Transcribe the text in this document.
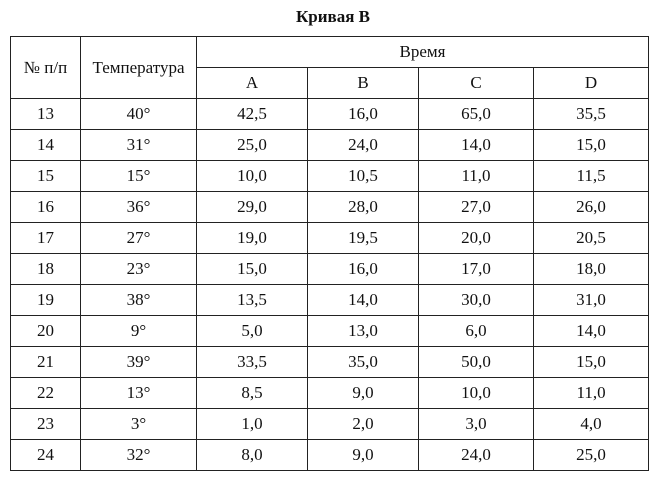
Кривая В
№ п/п	Температура	Время			
		A	B	C	D
13	40°	42,5	16,0	65,0	35,5
14	31°	25,0	24,0	14,0	15,0
15	15°	10,0	10,5	11,0	11,5
16	36°	29,0	28,0	27,0	26,0
17	27°	19,0	19,5	20,0	20,5
18	23°	15,0	16,0	17,0	18,0
19	38°	13,5	14,0	30,0	31,0
20	9°	5,0	13,0	6,0	14,0
21	39°	33,5	35,0	50,0	15,0
22	13°	8,5	9,0	10,0	11,0
23	3°	1,0	2,0	3,0	4,0
24	32°	8,0	9,0	24,0	25,0
